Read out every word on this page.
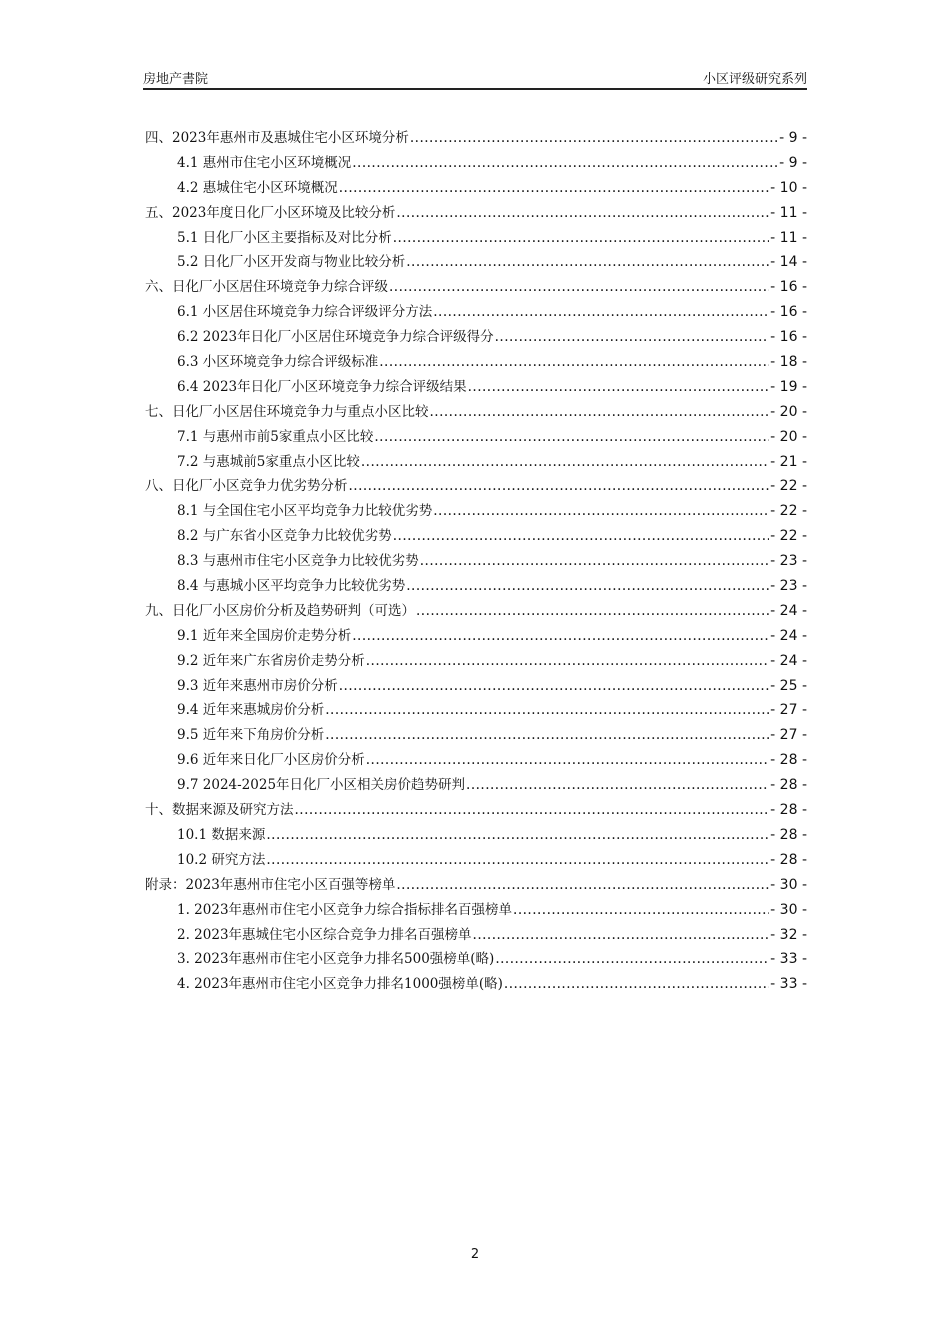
房地产書院	小区评级研究系列
四、2023年惠州市及惠城住宅小区环境分析 .....	- 9 -
4.1 惠州市住宅小区环境概况 .....	- 9 -
4.2 惠城住宅小区环境概况 .....	- 10 -
五、2023年度日化厂小区环境及比较分析 .....	- 11 -
5.1 日化厂小区主要指标及对比分析 .....	- 11 -
5.2 日化厂小区开发商与物业比较分析 .....	- 14 -
六、日化厂小区居住环境竞争力综合评级 .....	- 16 -
6.1 小区居住环境竞争力综合评级评分方法 .....	- 16 -
6.2 2023年日化厂小区居住环境竞争力综合评级得分 .....	- 16 -
6.3 小区环境竞争力综合评级标准 .....	- 18 -
6.4 2023年日化厂小区环境竞争力综合评级结果 .....	- 19 -
七、日化厂小区居住环境竞争力与重点小区比较 .....	- 20 -
7.1 与惠州市前5家重点小区比较 .....	- 20 -
7.2 与惠城前5家重点小区比较 .....	- 21 -
八、日化厂小区竞争力优劣势分析 .....	- 22 -
8.1 与全国住宅小区平均竞争力比较优劣势 .....	- 22 -
8.2 与广东省小区竞争力比较优劣势 .....	- 22 -
8.3 与惠州市住宅小区竞争力比较优劣势 .....	- 23 -
8.4 与惠城小区平均竞争力比较优劣势 .....	- 23 -
九、日化厂小区房价分析及趋势研判（可选） .....	- 24 -
9.1 近年来全国房价走势分析 .....	- 24 -
9.2 近年来广东省房价走势分析 .....	- 24 -
9.3 近年来惠州市房价分析 .....	- 25 -
9.4 近年来惠城房价分析 .....	- 27 -
9.5 近年来下角房价分析 .....	- 27 -
9.6 近年来日化厂小区房价分析 .....	- 28 -
9.7 2024-2025年日化厂小区相关房价趋势研判 .....	- 28 -
十、数据来源及研究方法 .....	- 28 -
10.1 数据来源 .....	- 28 -
10.2 研究方法 .....	- 28 -
附录：2023年惠州市住宅小区百强等榜单 .....	- 30 -
1. 2023年惠州市住宅小区竞争力综合指标排名百强榜单 .....	- 30 -
2. 2023年惠城住宅小区综合竞争力排名百强榜单 .....	- 32 -
3. 2023年惠州市住宅小区竞争力排名500强榜单(略) .....	- 33 -
4. 2023年惠州市住宅小区竞争力排名1000强榜单(略) .....	- 33 -
2
